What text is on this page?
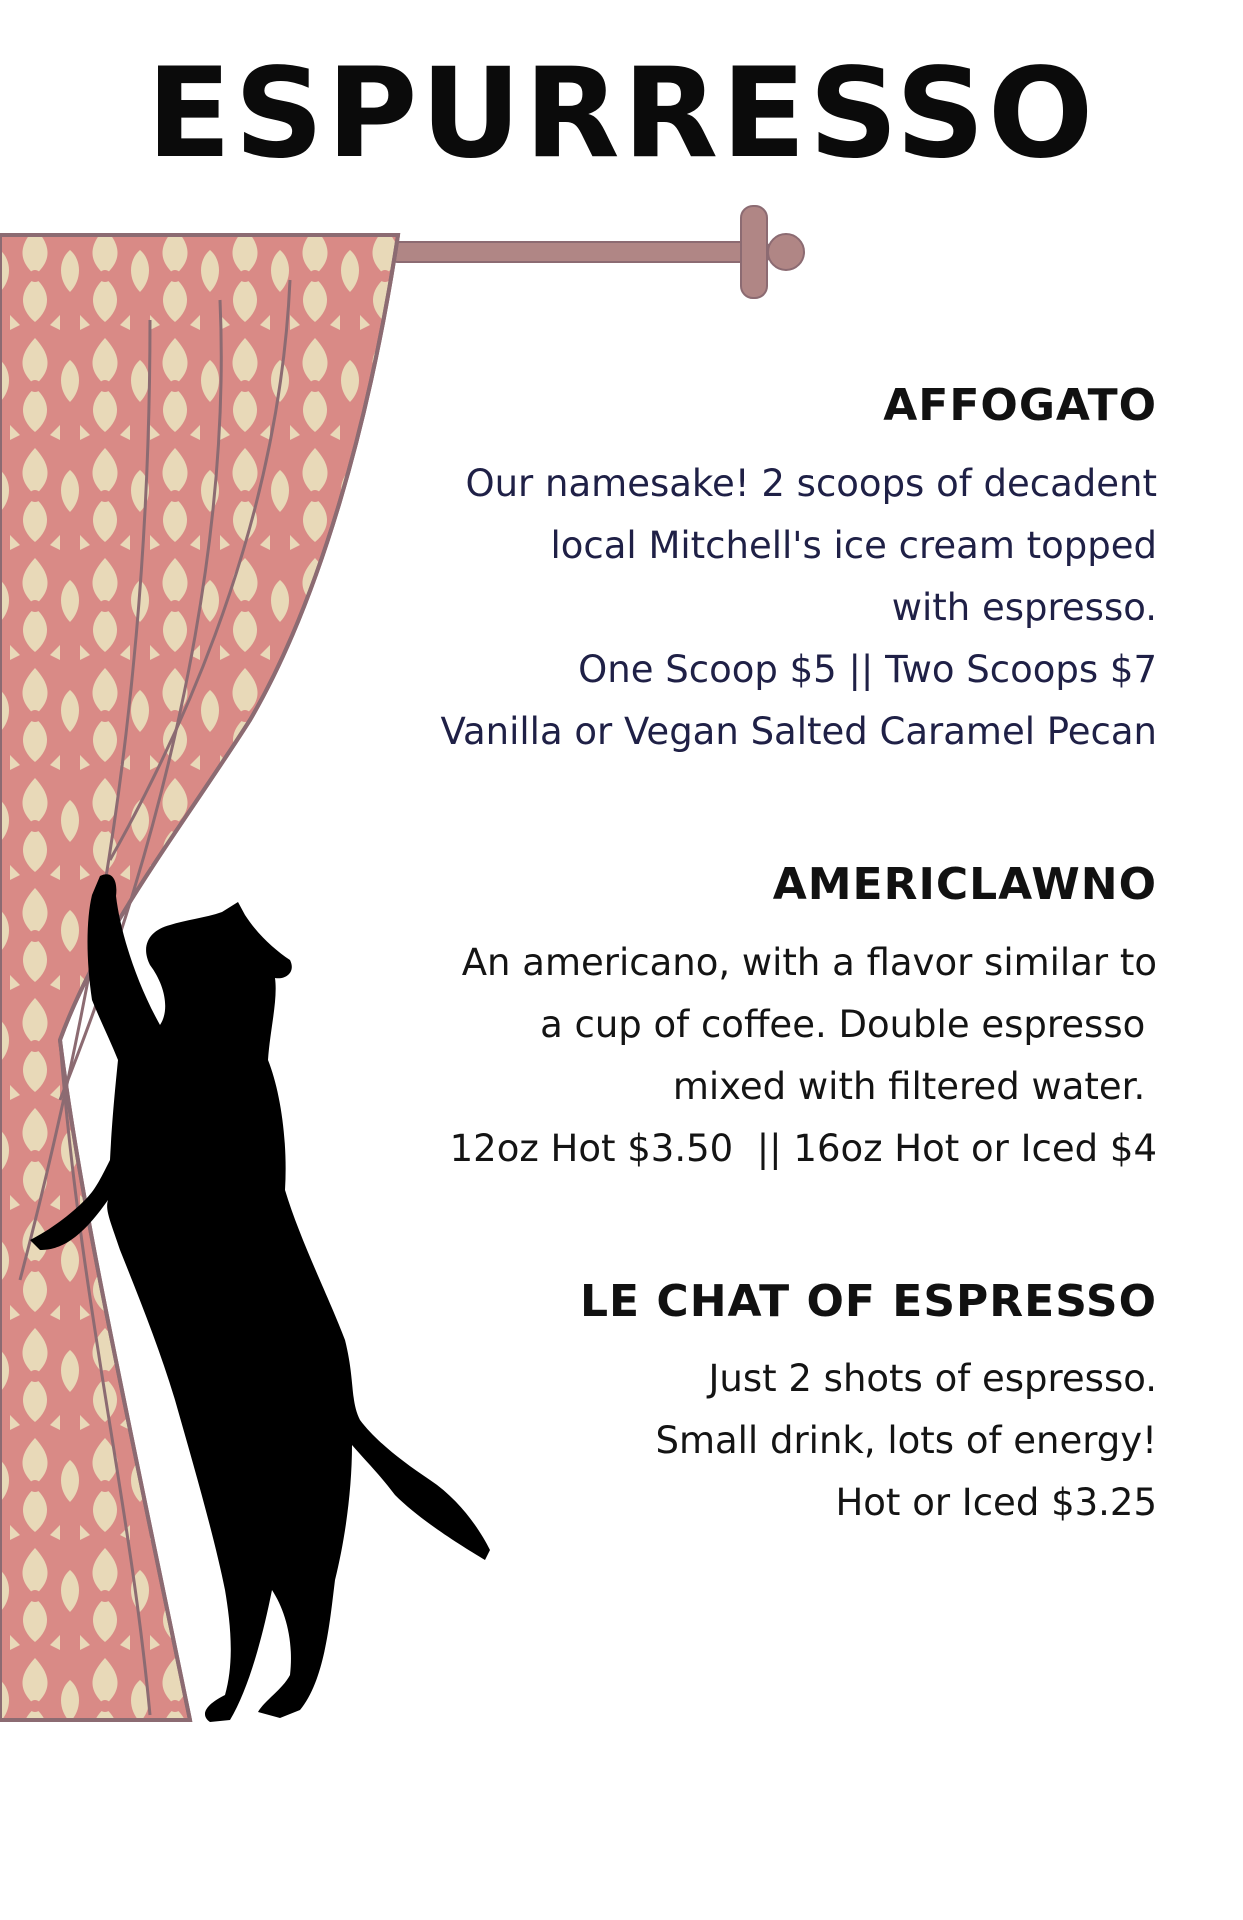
ESPURRESSO
AFFOGATO
Our namesake! 2 scoops of decadent
local Mitchell's ice cream topped
with espresso.
One Scoop $5 || Two Scoops $7
Vanilla or Vegan Salted Caramel Pecan
AMERICLAWNO
An americano, with a flavor similar to
a cup of coffee. Double espresso
mixed with filtered water.
12oz Hot $3.50  || 16oz Hot or Iced $4
LE CHAT OF ESPRESSO
Just 2 shots of espresso.
Small drink, lots of energy!
Hot or Iced $3.25
